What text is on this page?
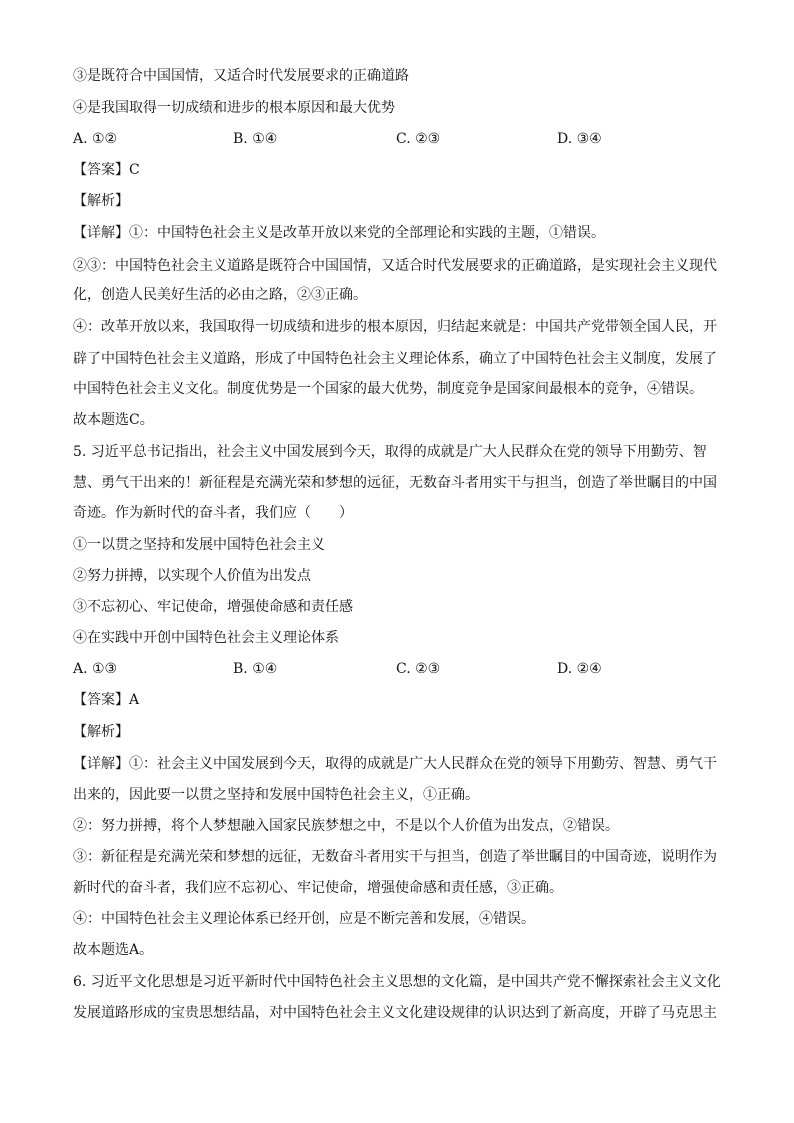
③是既符合中国国情，又适合时代发展要求的正确道路
④是我国取得一切成绩和进步的根本原因和最大优势
A. ①②	B. ①④	C. ②③	D. ③④
【答案】C
【解析】
【详解】①：中国特色社会主义是改革开放以来党的全部理论和实践的主题，①错误。
②③：中国特色社会主义道路是既符合中国国情，又适合时代发展要求的正确道路，是实现社会主义现代
化，创造人民美好生活的必由之路，②③正确。
④：改革开放以来，我国取得一切成绩和进步的根本原因，归结起来就是：中国共产党带领全国人民，开
辟了中国特色社会主义道路，形成了中国特色社会主义理论体系，确立了中国特色社会主义制度，发展了
中国特色社会主义文化。制度优势是一个国家的最大优势，制度竞争是国家间最根本的竞争，④错误。
故本题选C。
5. 习近平总书记指出，社会主义中国发展到今天，取得的成就是广大人民群众在党的领导下用勤劳、智
慧、勇气干出来的！新征程是充满光荣和梦想的远征，无数奋斗者用实干与担当，创造了举世瞩目的中国
奇迹。作为新时代的奋斗者，我们应（　　）
①一以贯之坚持和发展中国特色社会主义
②努力拼搏，以实现个人价值为出发点
③不忘初心、牢记使命，增强使命感和责任感
④在实践中开创中国特色社会主义理论体系
A. ①③	B. ①④	C. ②③	D. ②④
【答案】A
【解析】
【详解】①：社会主义中国发展到今天，取得的成就是广大人民群众在党的领导下用勤劳、智慧、勇气干
出来的，因此要一以贯之坚持和发展中国特色社会主义，①正确。
②：努力拼搏，将个人梦想融入国家民族梦想之中，不是以个人价值为出发点，②错误。
③：新征程是充满光荣和梦想的远征，无数奋斗者用实干与担当，创造了举世瞩目的中国奇迹，说明作为
新时代的奋斗者，我们应不忘初心、牢记使命，增强使命感和责任感，③正确。
④：中国特色社会主义理论体系已经开创，应是不断完善和发展，④错误。
故本题选A。
6. 习近平文化思想是习近平新时代中国特色社会主义思想的文化篇，是中国共产党不懈探索社会主义文化
发展道路形成的宝贵思想结晶，对中国特色社会主义文化建设规律的认识达到了新高度，开辟了马克思主
